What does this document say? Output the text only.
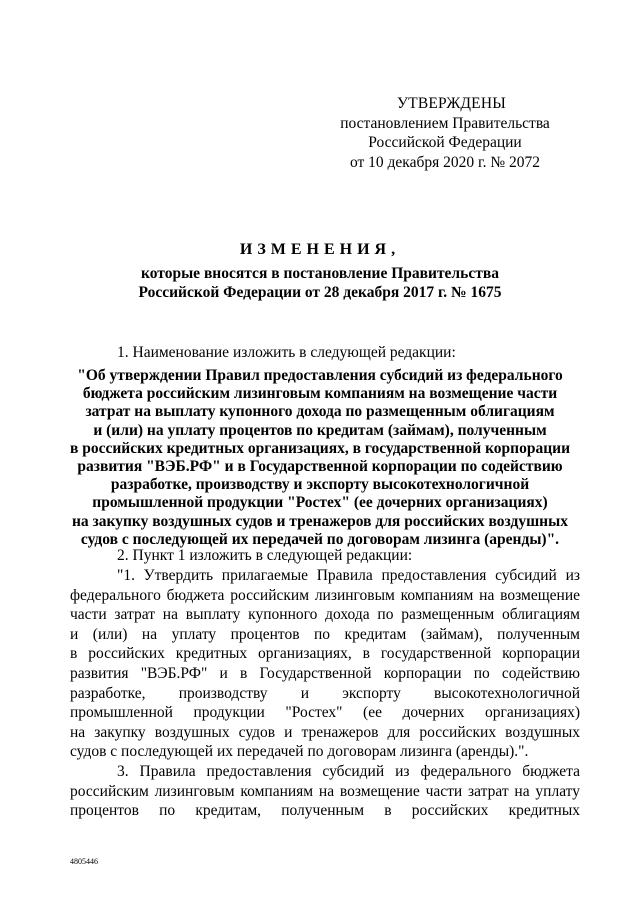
УТВЕРЖДЕНЫ
постановлением Правительства
Российской Федерации
от 10 декабря 2020 г. № 2072
ИЗМЕНЕНИЯ,
которые вносятся в постановление Правительства
Российской Федерации от 28 декабря 2017 г. № 1675
1. Наименование изложить в следующей редакции:
"Об утверждении Правил предоставления субсидий из федерального
бюджета российским лизинговым компаниям на возмещение части
затрат на выплату купонного дохода по размещенным облигациям
и (или) на уплату процентов по кредитам (займам), полученным
в российских кредитных организациях, в государственной корпорации
развития "ВЭБ.РФ" и в Государственной корпорации по содействию
разработке, производству и экспорту высокотехнологичной
промышленной продукции "Ростех" (ее дочерних организациях)
на закупку воздушных судов и тренажеров для российских воздушных
судов с последующей их передачей по договорам лизинга (аренды)".
2. Пункт 1 изложить в следующей редакции:
"1. Утвердить прилагаемые Правила предоставления субсидий из
федерального бюджета российским лизинговым компаниям на возмещение
части затрат на выплату купонного дохода по размещенным облигациям
и (или) на уплату процентов по кредитам (займам), полученным
в российских кредитных организациях, в государственной корпорации
развития "ВЭБ.РФ" и в Государственной корпорации по содействию
разработке, производству и экспорту высокотехнологичной
промышленной продукции "Ростех" (ее дочерних организациях)
на закупку воздушных судов и тренажеров для российских воздушных
судов с последующей их передачей по договорам лизинга (аренды).".
3. Правила предоставления субсидий из федерального бюджета
российским лизинговым компаниям на возмещение части затрат на уплату
процентов по кредитам, полученным в российских кредитных
4805446
